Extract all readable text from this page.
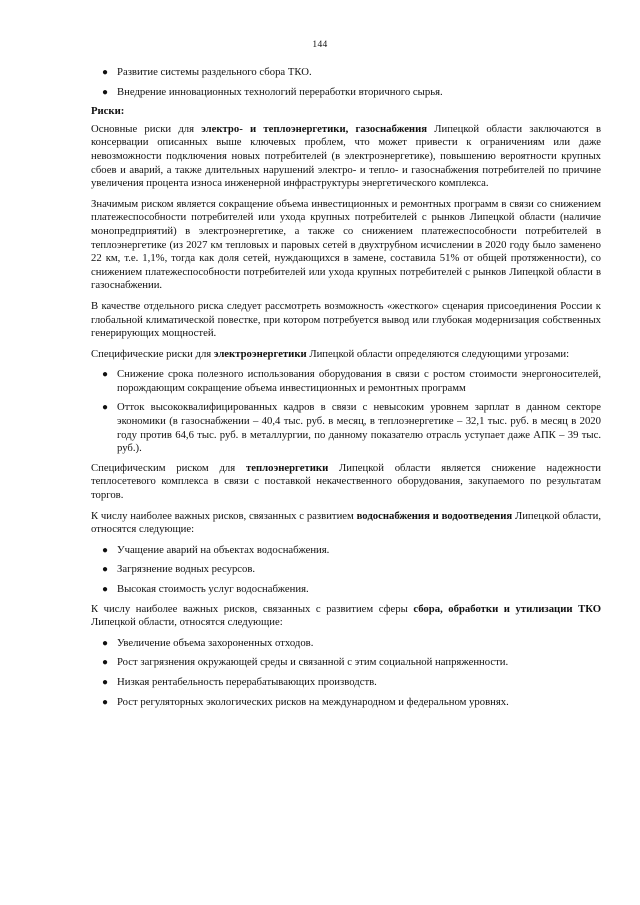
144
● Развитие системы раздельного сбора ТКО.
● Внедрение инновационных технологий переработки вторичного сырья.
Риски:

Основные риски для электро- и теплоэнергетики, газоснабжения Липецкой области заключаются в консервации описанных выше ключевых проблем, что может привести к ограничениям или даже невозможности подключения новых потребителей (в электроэнергетике), повышению вероятности крупных сбоев и аварий, а также длительных нарушений электро- и тепло- и газоснабжения потребителей по причине увеличения процента износа инженерной инфраструктуры энергетического комплекса.

Значимым риском является сокращение объема инвестиционных и ремонтных программ в связи со снижением платежеспособности потребителей или ухода крупных потребителей с рынков Липецкой области (наличие монопредприятий) в электроэнергетике, а также со снижением платежеспособности потребителей в теплоэнергетике (из 2027 км тепловых и паровых сетей в двухтрубном исчислении в 2020 году было заменено 22 км, т.е. 1,1%, тогда как доля сетей, нуждающихся в замене, составила 51% от общей протяженности), со снижением платежеспособности потребителей или ухода крупных потребителей с рынков Липецкой области в газоснабжении.

В качестве отдельного риска следует рассмотреть возможность «жесткого» сценария присоединения России к глобальной климатической повестке, при котором потребуется вывод или глубокая модернизация собственных генерирующих мощностей.

Специфические риски для электроэнергетики Липецкой области определяются следующими угрозами:

● Снижение срока полезного использования оборудования в связи с ростом стоимости энергоносителей, порождающим сокращение объема инвестиционных и ремонтных программ
● Отток высококвалифицированных кадров в связи с невысоким уровнем зарплат в данном секторе экономики (в газоснабжении – 40,4 тыс. руб. в месяц, в теплоэнергетике – 32,1 тыс. руб. в месяц в 2020 году против 64,6 тыс. руб. в металлургии, по данному показателю отрасль уступает даже АПК – 39 тыс. руб.).

Специфическим риском для теплоэнергетики Липецкой области является снижение надежности теплосетевого комплекса в связи с поставкой некачественного оборудования, закупаемого по результатам торгов.

К числу наиболее важных рисков, связанных с развитием водоснабжения и водоотведения Липецкой области, относятся следующие:

● Учащение аварий на объектах водоснабжения.
● Загрязнение водных ресурсов.
● Высокая стоимость услуг водоснабжения.

К числу наиболее важных рисков, связанных с развитием сферы сбора, обработки и утилизации ТКО Липецкой области, относятся следующие:

● Увеличение объема захороненных отходов.
● Рост загрязнения окружающей среды и связанной с этим социальной напряженности.
● Низкая рентабельность перерабатывающих производств.
● Рост регуляторных экологических рисков на международном и федеральном уровнях.
